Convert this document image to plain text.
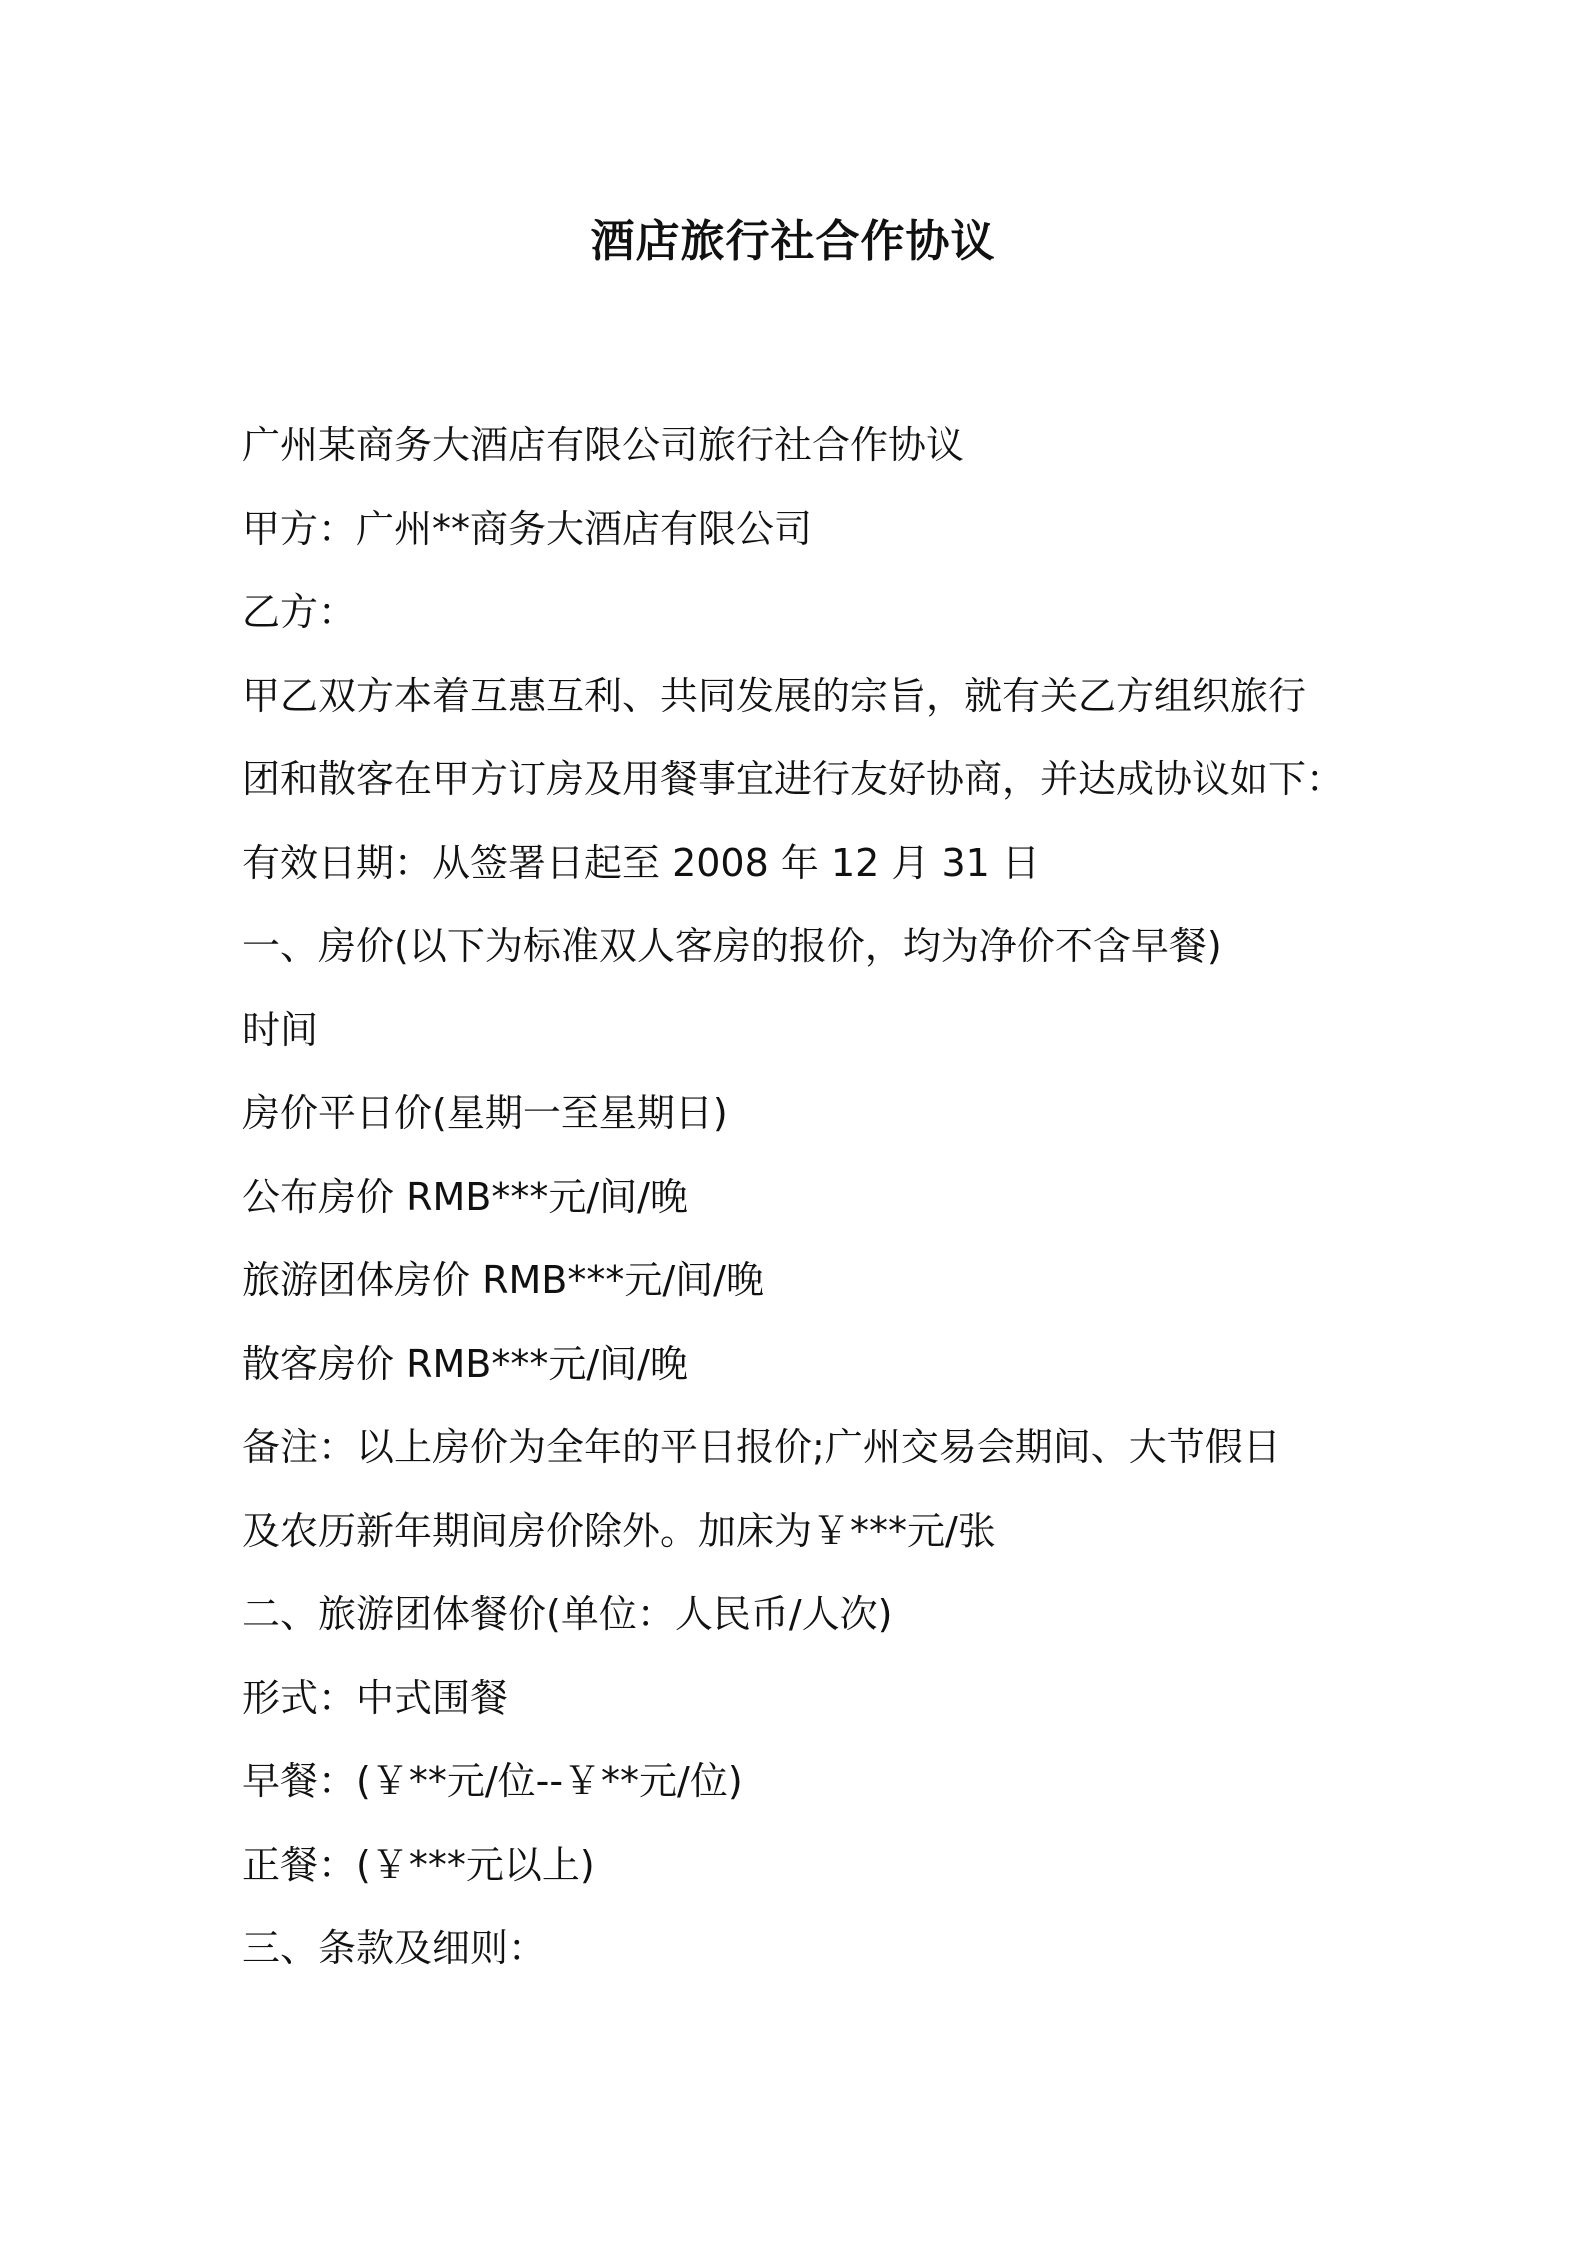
酒店旅行社合作协议
广州某商务大酒店有限公司旅行社合作协议
甲方：广州**商务大酒店有限公司
乙方：
甲乙双方本着互惠互利、共同发展的宗旨，就有关乙方组织旅行
团和散客在甲方订房及用餐事宜进行友好协商，并达成协议如下：
有效日期：从签署日起至 2008 年 12 月 31 日
一、房价(以下为标准双人客房的报价，均为净价不含早餐)
时间
房价平日价(星期一至星期日)
公布房价 RMB***元/间/晚
旅游团体房价 RMB***元/间/晚
散客房价 RMB***元/间/晚
备注：以上房价为全年的平日报价;广州交易会期间、大节假日
及农历新年期间房价除外。加床为￥***元/张
二、旅游团体餐价(单位：人民币/人次)
形式：中式围餐
早餐：(￥**元/位--￥**元/位)
正餐：(￥***元以上)
三、条款及细则：
